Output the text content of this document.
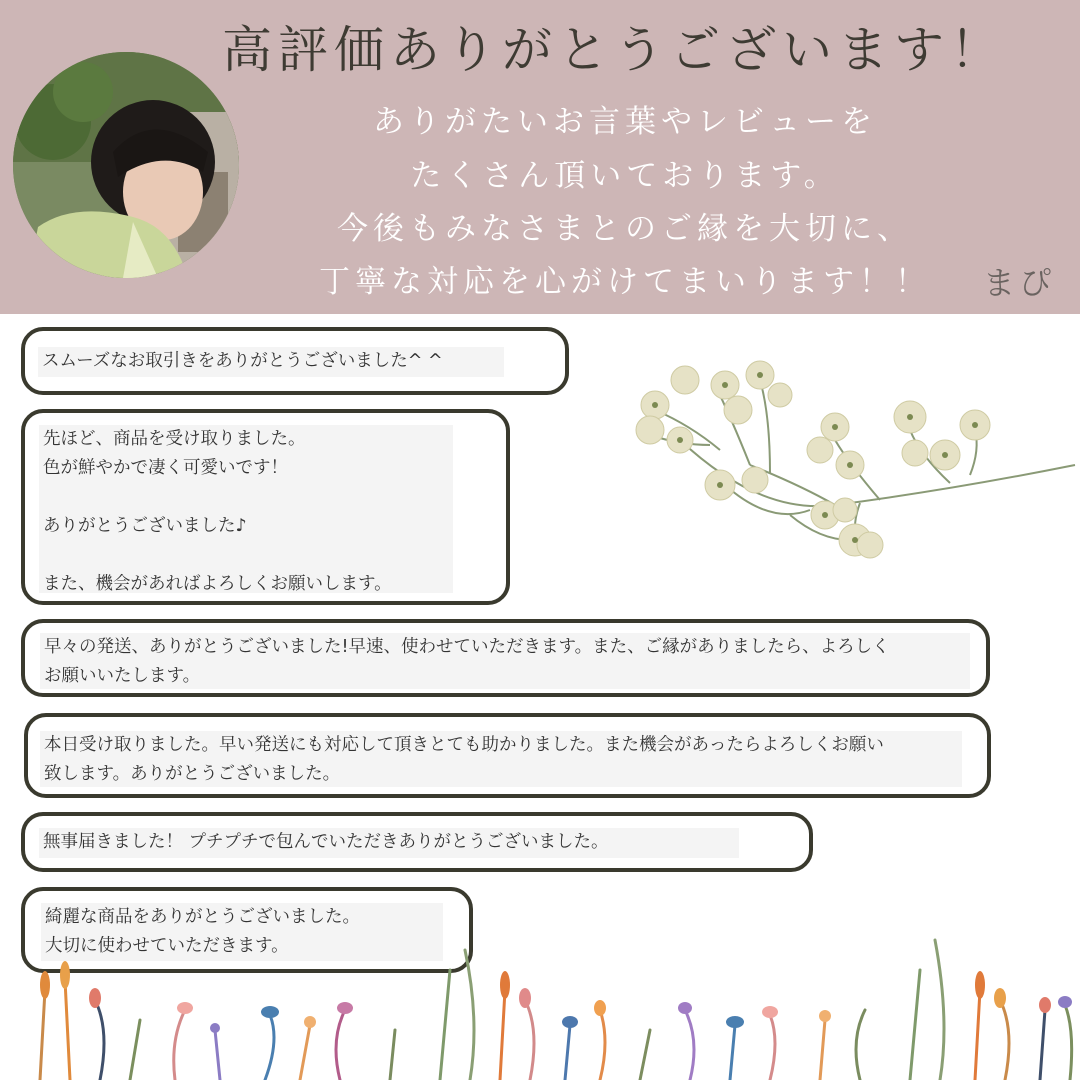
高評価ありがとうございます！
ありがたいお言葉やレビューを
たくさん頂いております。
今後もみなさまとのご縁を大切に、
丁寧な対応を心がけてまいります！！	まぴ
スムーズなお取引きをありがとうございました^ ^
先ほど、商品を受け取りました。
色が鮮やかで凄く可愛いです！

ありがとうございました♪

また、機会があればよろしくお願いします。
早々の発送、ありがとうございました!早速、使わせていただきます。また、ご縁がありましたら、よろしく
お願いいたします。
本日受け取りました。早い発送にも対応して頂きとても助かりました。また機会があったらよろしくお願い
致します。ありがとうございました。
無事届きました！ プチプチで包んでいただきありがとうございました。
綺麗な商品をありがとうございました。
大切に使わせていただきます。
